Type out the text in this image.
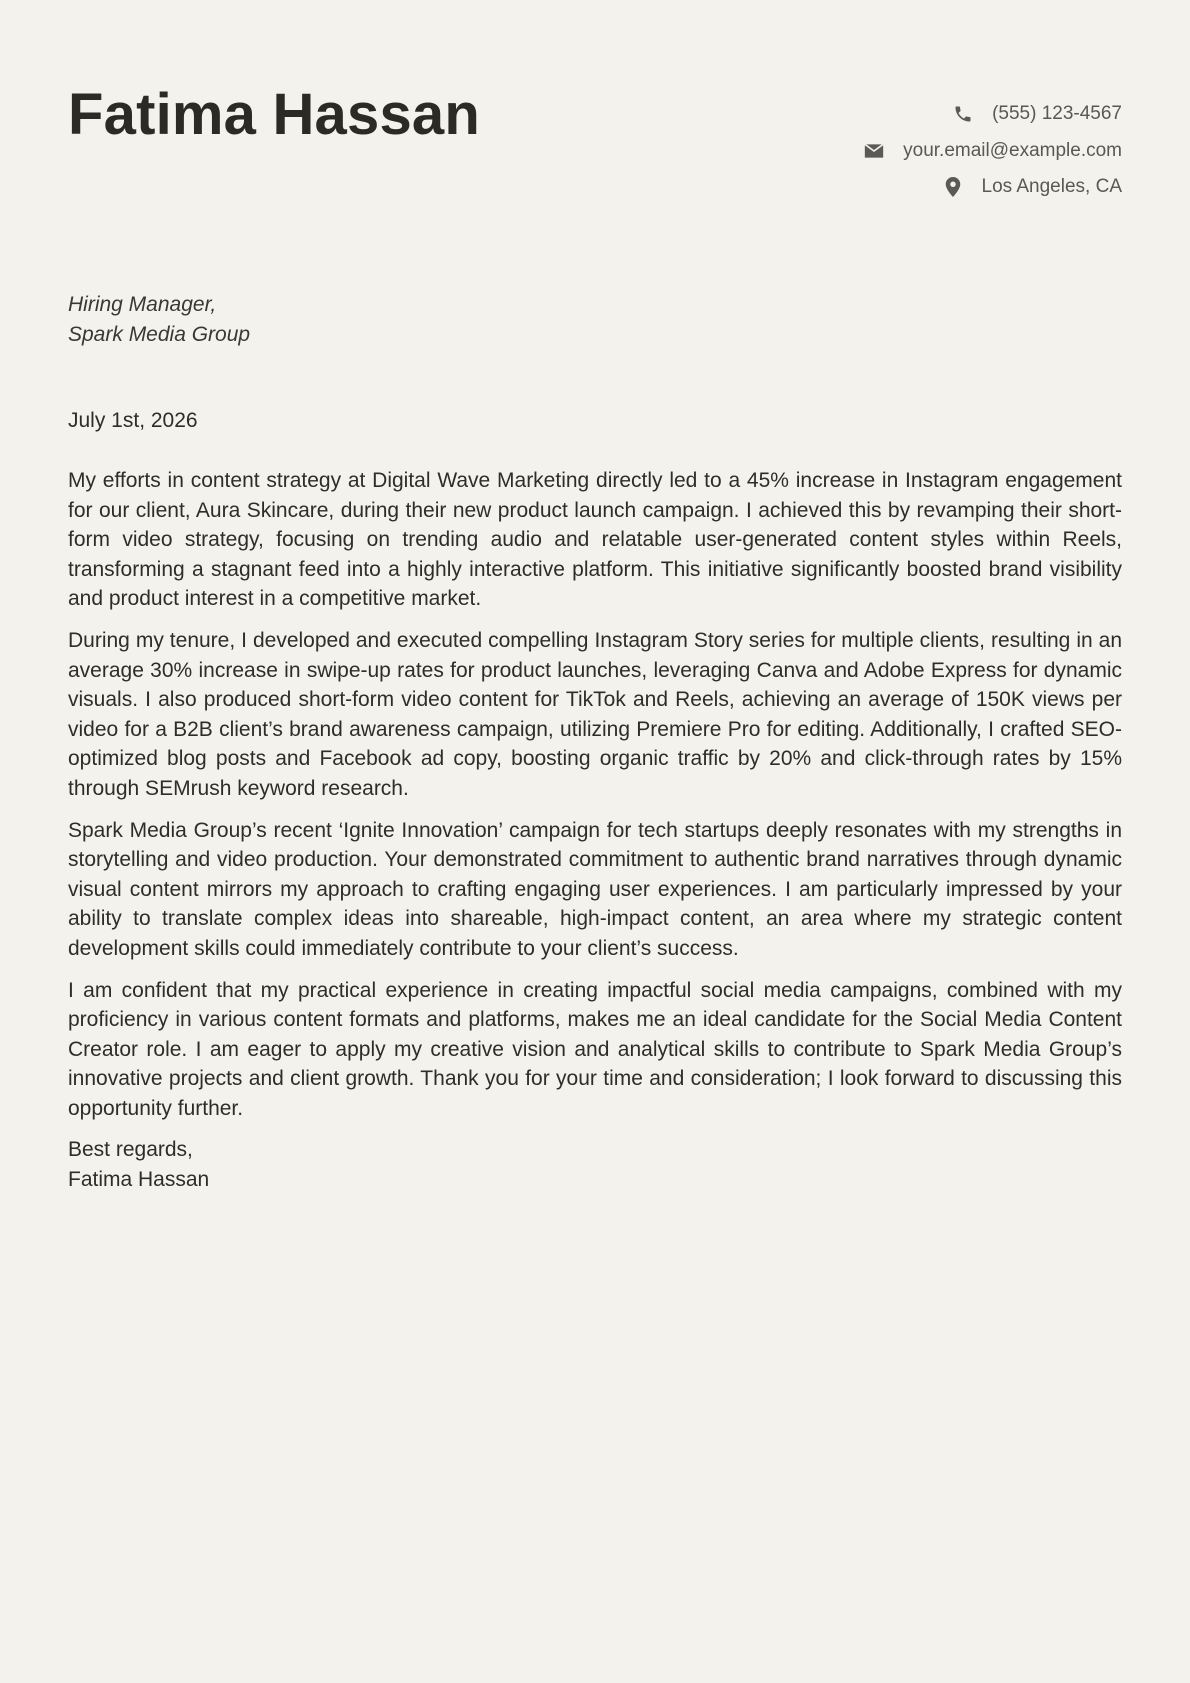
Fatima Hassan	(555) 123-4567
your.email@example.com
Los Angeles, CA
Hiring Manager,
Spark Media Group
July 1st, 2026

My efforts in content strategy at Digital Wave Marketing directly led to a 45% increase in Instagram engagement for our client, Aura Skincare, during their new product launch campaign. I achieved this by revamping their short-form video strategy, focusing on trending audio and relatable user-generated content styles within Reels, transforming a stagnant feed into a highly interactive platform. This initiative significantly boosted brand visibility and product interest in a competitive market.

During my tenure, I developed and executed compelling Instagram Story series for multiple clients, resulting in an average 30% increase in swipe-up rates for product launches, leveraging Canva and Adobe Express for dynamic visuals. I also produced short-form video content for TikTok and Reels, achieving an average of 150K views per video for a B2B client’s brand awareness campaign, utilizing Premiere Pro for editing. Additionally, I crafted SEO-optimized blog posts and Facebook ad copy, boosting organic traffic by 20% and click-through rates by 15% through SEMrush keyword research.

Spark Media Group’s recent ‘Ignite Innovation’ campaign for tech startups deeply resonates with my strengths in storytelling and video production. Your demonstrated commitment to authentic brand narratives through dynamic visual content mirrors my approach to crafting engaging user experiences. I am particularly impressed by your ability to translate complex ideas into shareable, high-impact content, an area where my strategic content development skills could immediately contribute to your client’s success.

I am confident that my practical experience in creating impactful social media campaigns, combined with my proficiency in various content formats and platforms, makes me an ideal candidate for the Social Media Content Creator role. I am eager to apply my creative vision and analytical skills to contribute to Spark Media Group’s innovative projects and client growth. Thank you for your time and consideration; I look forward to discussing this opportunity further.

Best regards,
Fatima Hassan
